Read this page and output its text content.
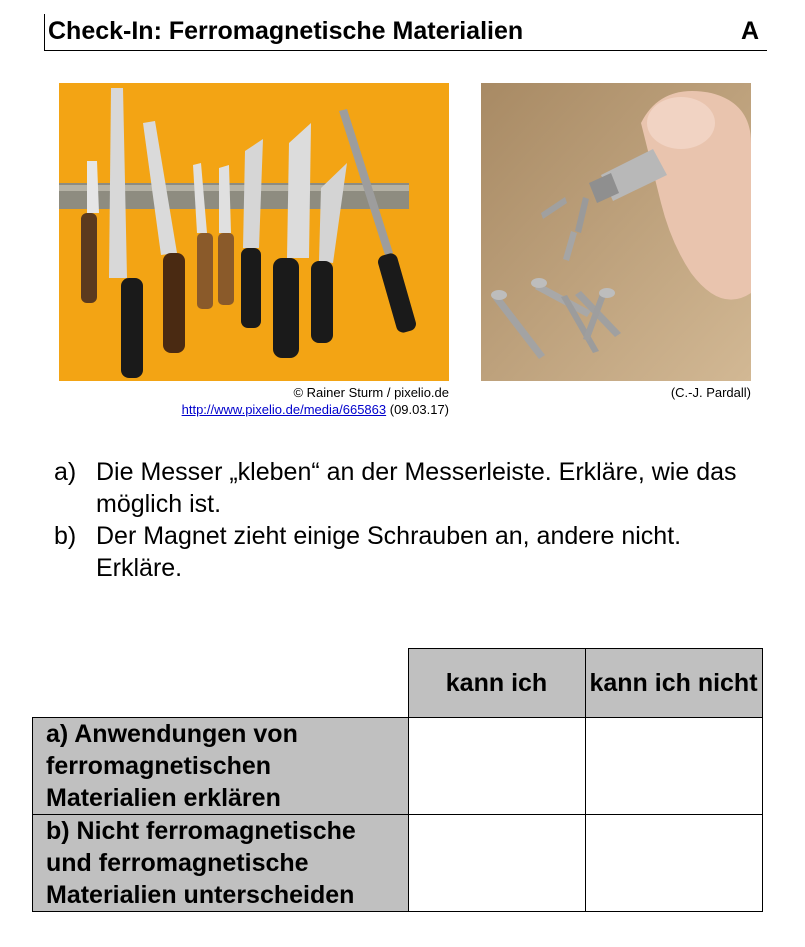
Check-In: Ferromagnetische Materialien	A
© Rainer Sturm / pixelio.de
http://www.pixelio.de/media/665863 (09.03.17)
(C.-J. Pardall)
a) Die Messer „kleben“ an der Messerleiste. Erkläre, wie das möglich ist.
b) Der Magnet zieht einige Schrauben an, andere nicht. Erkläre.
	kann ich	kann ich nicht
a) Anwendungen von ferromagnetischen Materialien erklären		
b) Nicht ferromagnetische und ferromagnetische Materialien unterscheiden		
